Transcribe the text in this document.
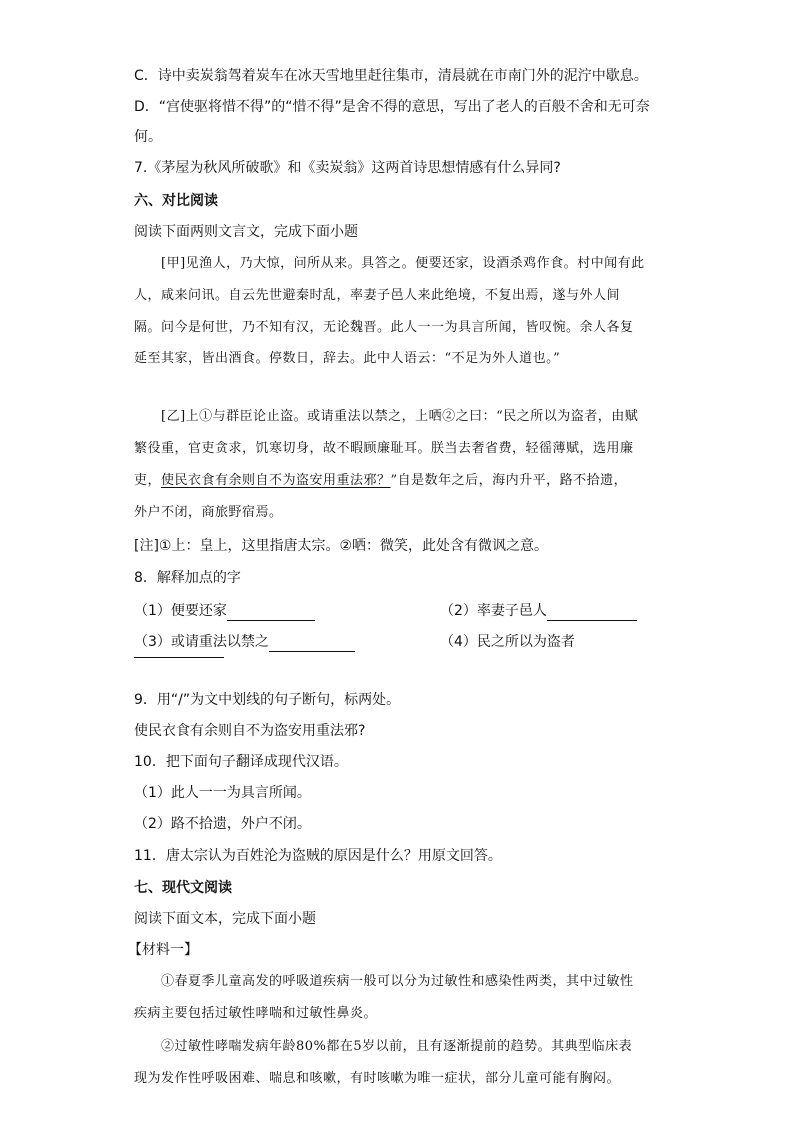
C．诗中卖炭翁驾着炭车在冰天雪地里赶往集市，清晨就在市南门外的泥泞中歇息。
D．“宫使驱将惜不得”的“惜不得”是舍不得的意思，写出了老人的百般不舍和无可奈
何。
7.《茅屋为秋风所破歌》和《卖炭翁》这两首诗思想情感有什么异同?
六、对比阅读
阅读下面两则文言文，完成下面小题
[甲]见渔人，乃大惊，问所从来。具答之。便要还家，设酒杀鸡作食。村中闻有此
人，咸来问讯。自云先世避秦时乱，率妻子邑人来此绝境，不复出焉，遂与外人间
隔。问今是何世，乃不知有汉，无论魏晋。此人一一为具言所闻，皆叹惋。余人各复
延至其家，皆出酒食。停数日，辞去。此中人语云：“不足为外人道也。”
[乙]上①与群臣论止盗。或请重法以禁之，上哂②之曰：“民之所以为盗者，由赋
繁役重，官吏贪求，饥寒切身，故不暇顾廉耻耳。朕当去奢省费，轻徭薄赋，选用廉
吏，使民衣食有余则自不为盗安用重法邪？”自是数年之后，海内升平，路不拾遗，
外户不闭，商旅野宿焉。
[注]①上：皇上，这里指唐太宗。②哂：微笑，此处含有微讽之意。
8．解释加点的字
（1）便要还家	（2）率妻子邑人
（3）或请重法以禁之	（4）民之所以为盗者
9．用“/”为文中划线的句子断句，标两处。
使民衣食有余则自不为盗安用重法邪?
10．把下面句子翻译成现代汉语。
（1）此人一一为具言所闻。
（2）路不拾遗，外户不闭。
11．唐太宗认为百姓沦为盗贼的原因是什么？用原文回答。
七、现代文阅读
阅读下面文本，完成下面小题
【材料一】
①春夏季儿童高发的呼吸道疾病一般可以分为过敏性和感染性两类，其中过敏性
疾病主要包括过敏性哮喘和过敏性鼻炎。
②过敏性哮喘发病年龄80%都在5岁以前，且有逐渐提前的趋势。其典型临床表
现为发作性呼吸困难、喘息和咳嗽，有时咳嗽为唯一症状，部分儿童可能有胸闷。
